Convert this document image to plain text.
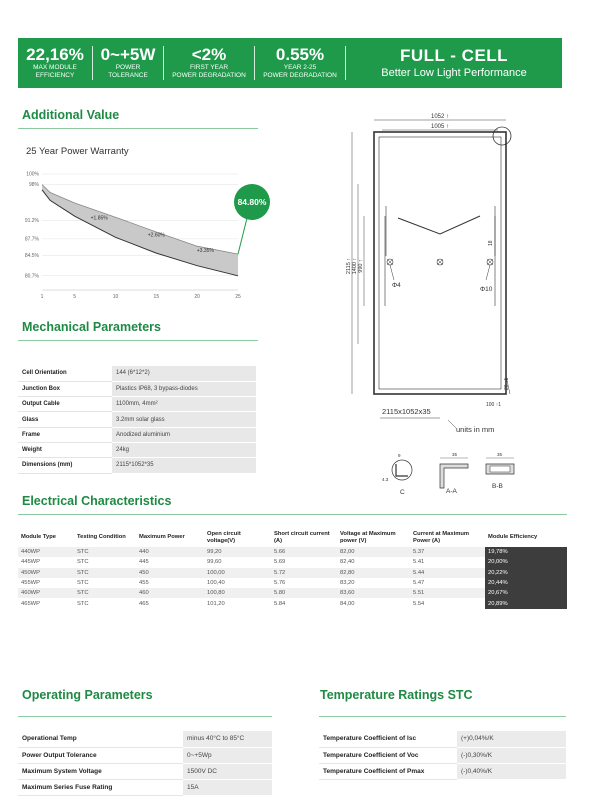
22,16%
MAX MODULE
EFFICIENCY
0~+5W
POWER
TOLERANCE
<2%
FIRST YEAR
POWER DEGRADATION
0.55%
YEAR 2-25
POWER DEGRADATION
FULL - CELL
Better Low Light Performance
Additional Value
25 Year Power Warranty
100%
98%
91.2%
87.7%
84.5%
80.7%
1	5	10	15	20	25
+1.85%
+2.60%
+3.35%
84.80%
Mechanical Parameters
Cell Orientation	144 (6*12*2)
Junction Box	Plastics IP68, 3 bypass-diodes
Output Cable	1100mm, 4mm²
Glass	3.2mm solar glass
Frame	Anodized aluminium
Weight	24kg
Dimensions (mm)	2115*1052*35
1052 ↑
1005 ↑
2115 ↑ 1400 ↑ 990 ↑
18
Φ4
Φ10
20 ↑1
100 ↑1
2115x1052x35
units in mm
C
9
4.3
35
A-A
35
B-B
Electrical Characteristics
Module Type	Testing Condition	Maximum Power	Open circuit voltage(V)	Short circuit current (A)	Voltage at Maximum power (V)	Current at Maximum Power (A)	Module Efficiency
440WP	STC	440	99,20	5.66	82,00	5.37	19,78%
445WP	STC	445	99,60	5.69	82,40	5.41	20,00%
450WP	STC	450	100,00	5.72	82,80	5.44	20,22%
455WP	STC	455	100,40	5.76	83,20	5.47	20,44%
460WP	STC	460	100,80	5.80	83,60	5.51	20,67%
465WP	STC	465	101,20	5.84	84,00	5.54	20,89%
Operating Parameters
Operational Temp	minus 40°C to 85°C
Power Output Tolerance	0~+5Wp
Maximum System Voltage	1500V DC
Maximum Series Fuse Rating	15A
Temperature Ratings STC
Temperature Coefficient of Isc	(+)0,04%/K
Temperature Coefficient of Voc	(-)0,30%/K
Temperature Coefficient of Pmax	(-)0,40%/K
